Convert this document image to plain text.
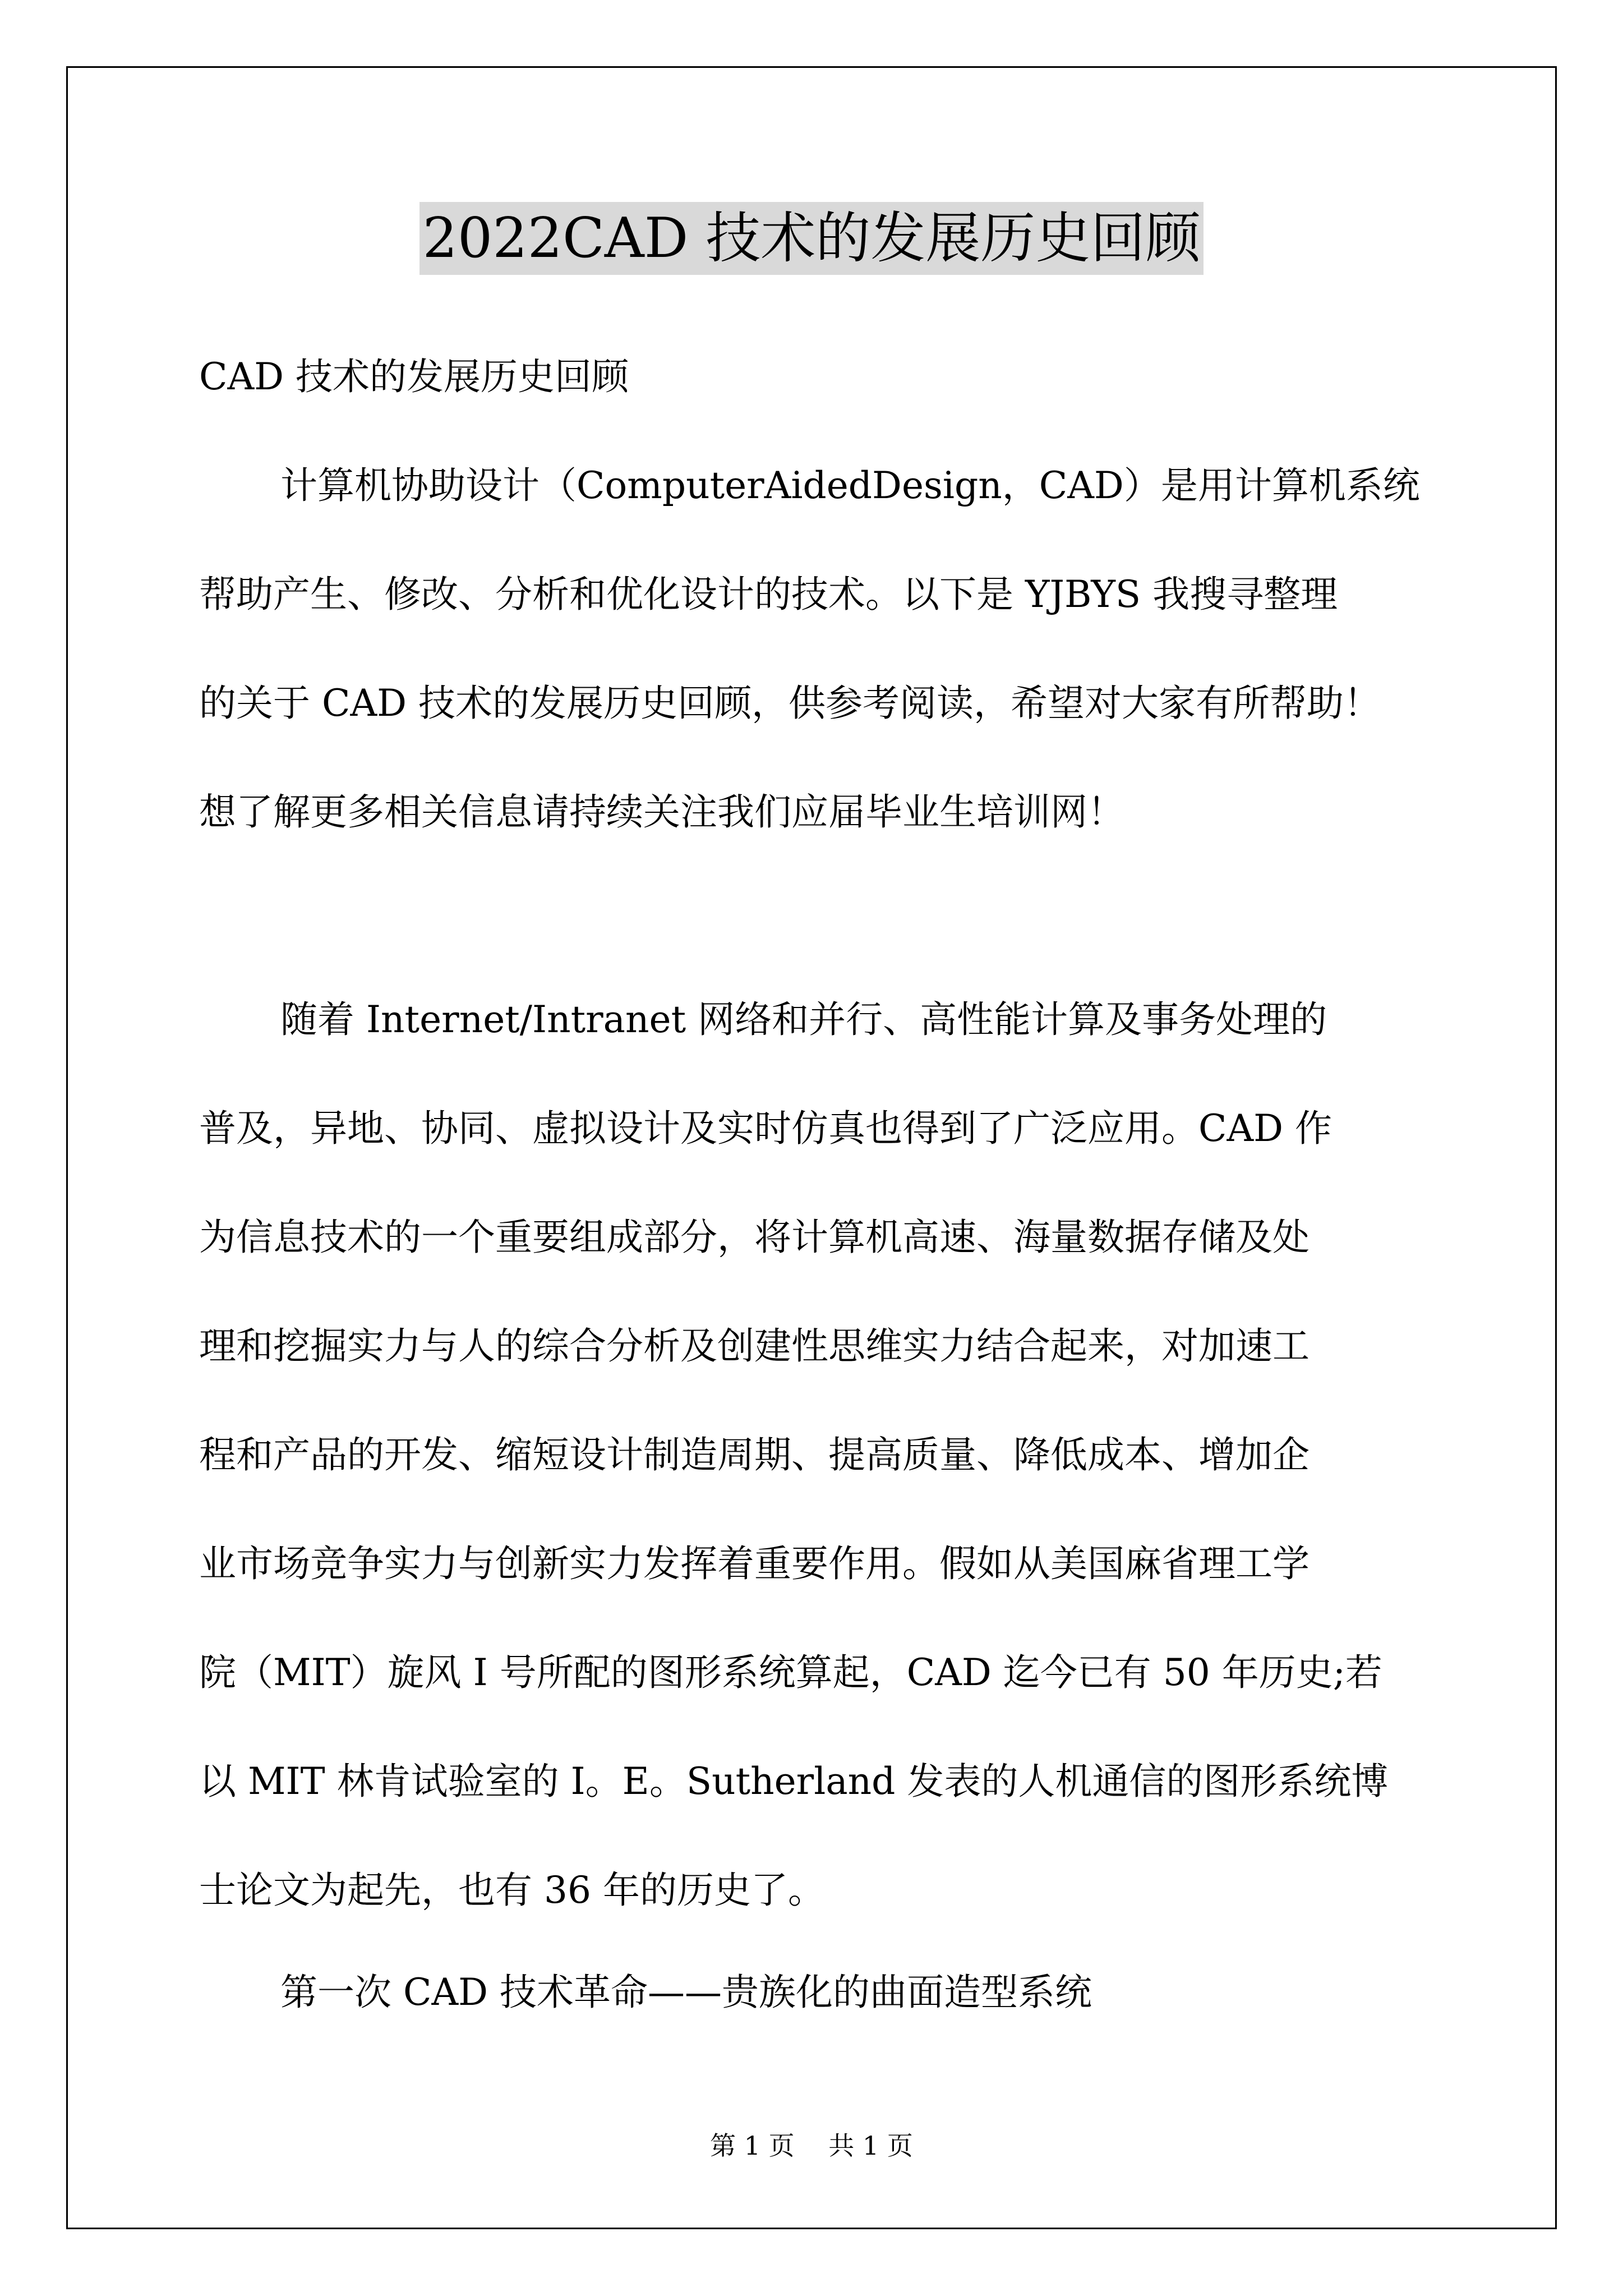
2022CAD 技术的发展历史回顾
CAD 技术的发展历史回顾
计算机协助设计（ComputerAidedDesign，CAD）是用计算机系统
帮助产生、修改、分析和优化设计的技术。以下是 YJBYS 我搜寻整理
的关于 CAD 技术的发展历史回顾，供参考阅读，希望对大家有所帮助！
想了解更多相关信息请持续关注我们应届毕业生培训网！
随着 Internet/Intranet 网络和并行、高性能计算及事务处理的
普及，异地、协同、虚拟设计及实时仿真也得到了广泛应用。CAD 作
为信息技术的一个重要组成部分，将计算机高速、海量数据存储及处
理和挖掘实力与人的综合分析及创建性思维实力结合起来，对加速工
程和产品的开发、缩短设计制造周期、提高质量、降低成本、增加企
业市场竞争实力与创新实力发挥着重要作用。假如从美国麻省理工学
院（MIT）旋风 I 号所配的图形系统算起，CAD 迄今已有 50 年历史;若
以 MIT 林肯试验室的 I。E。Sutherland 发表的人机通信的图形系统博
士论文为起先，也有 36 年的历史了。
第一次 CAD 技术革命——贵族化的曲面造型系统
第 1 页　 共 1 页
